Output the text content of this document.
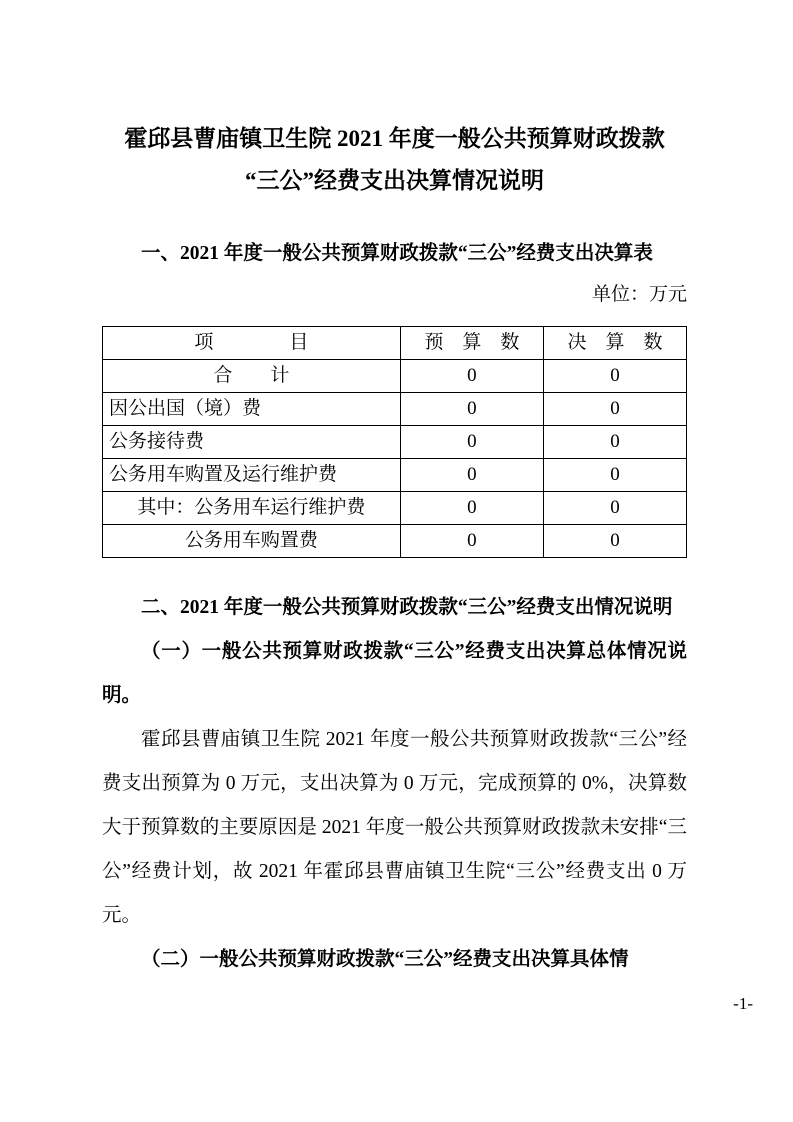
霍邱县曹庙镇卫生院 2021 年度一般公共预算财政拨款
“三公”经费支出决算情况说明

一、2021 年度一般公共预算财政拨款“三公”经费支出决算表

单位：万元

项　　　　目	预　算　数	决　算　数
合　　计	0	0
因公出国（境）费	0	0
公务接待费	0	0
公务用车购置及运行维护费	0	0
其中：公务用车运行维护费	0	0
公务用车购置费	0	0

二、2021 年度一般公共预算财政拨款“三公”经费支出情况说明

（一）一般公共预算财政拨款“三公”经费支出决算总体情况说明。

霍邱县曹庙镇卫生院 2021 年度一般公共预算财政拨款“三公”经费支出预算为 0 万元，支出决算为 0 万元，完成预算的 0%，决算数大于预算数的主要原因是 2021 年度一般公共预算财政拨款未安排“三公”经费计划，故 2021 年霍邱县曹庙镇卫生院“三公”经费支出 0 万元。

（二）一般公共预算财政拨款“三公”经费支出决算具体情

-1-
